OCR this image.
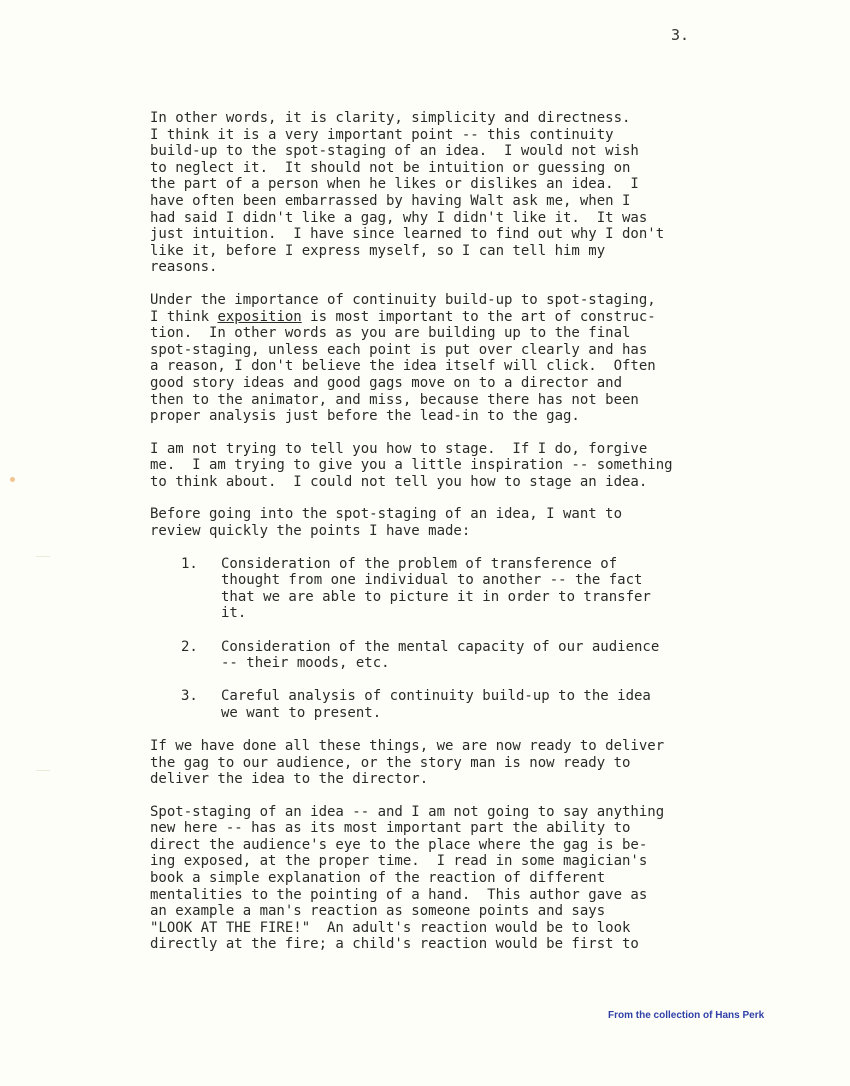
3.
In other words, it is clarity, simplicity and directness.
I think it is a very important point -- this continuity
build-up to the spot-staging of an idea.  I would not wish
to neglect it.  It should not be intuition or guessing on
the part of a person when he likes or dislikes an idea.  I
have often been embarrassed by having Walt ask me, when I
had said I didn't like a gag, why I didn't like it.  It was
just intuition.  I have since learned to find out why I don't
like it, before I express myself, so I can tell him my
reasons.
Under the importance of continuity build-up to spot-staging,
I think exposition is most important to the art of construc-
tion.  In other words as you are building up to the final
spot-staging, unless each point is put over clearly and has
a reason, I don't believe the idea itself will click.  Often
good story ideas and good gags move on to a director and
then to the animator, and miss, because there has not been
proper analysis just before the lead-in to the gag.
I am not trying to tell you how to stage.  If I do, forgive
me.  I am trying to give you a little inspiration -- something
to think about.  I could not tell you how to stage an idea.
Before going into the spot-staging of an idea, I want to
review quickly the points I have made:
1. Consideration of the problem of transference of
thought from one individual to another -- the fact
that we are able to picture it in order to transfer
it.
2. Consideration of the mental capacity of our audience
-- their moods, etc.
3. Careful analysis of continuity build-up to the idea
we want to present.
If we have done all these things, we are now ready to deliver
the gag to our audience, or the story man is now ready to
deliver the idea to the director.
Spot-staging of an idea -- and I am not going to say anything
new here -- has as its most important part the ability to
direct the audience's eye to the place where the gag is be-
ing exposed, at the proper time.  I read in some magician's
book a simple explanation of the reaction of different
mentalities to the pointing of a hand.  This author gave as
an example a man's reaction as someone points and says
"LOOK AT THE FIRE!"  An adult's reaction would be to look
directly at the fire; a child's reaction would be first to
From the collection of Hans Perk
